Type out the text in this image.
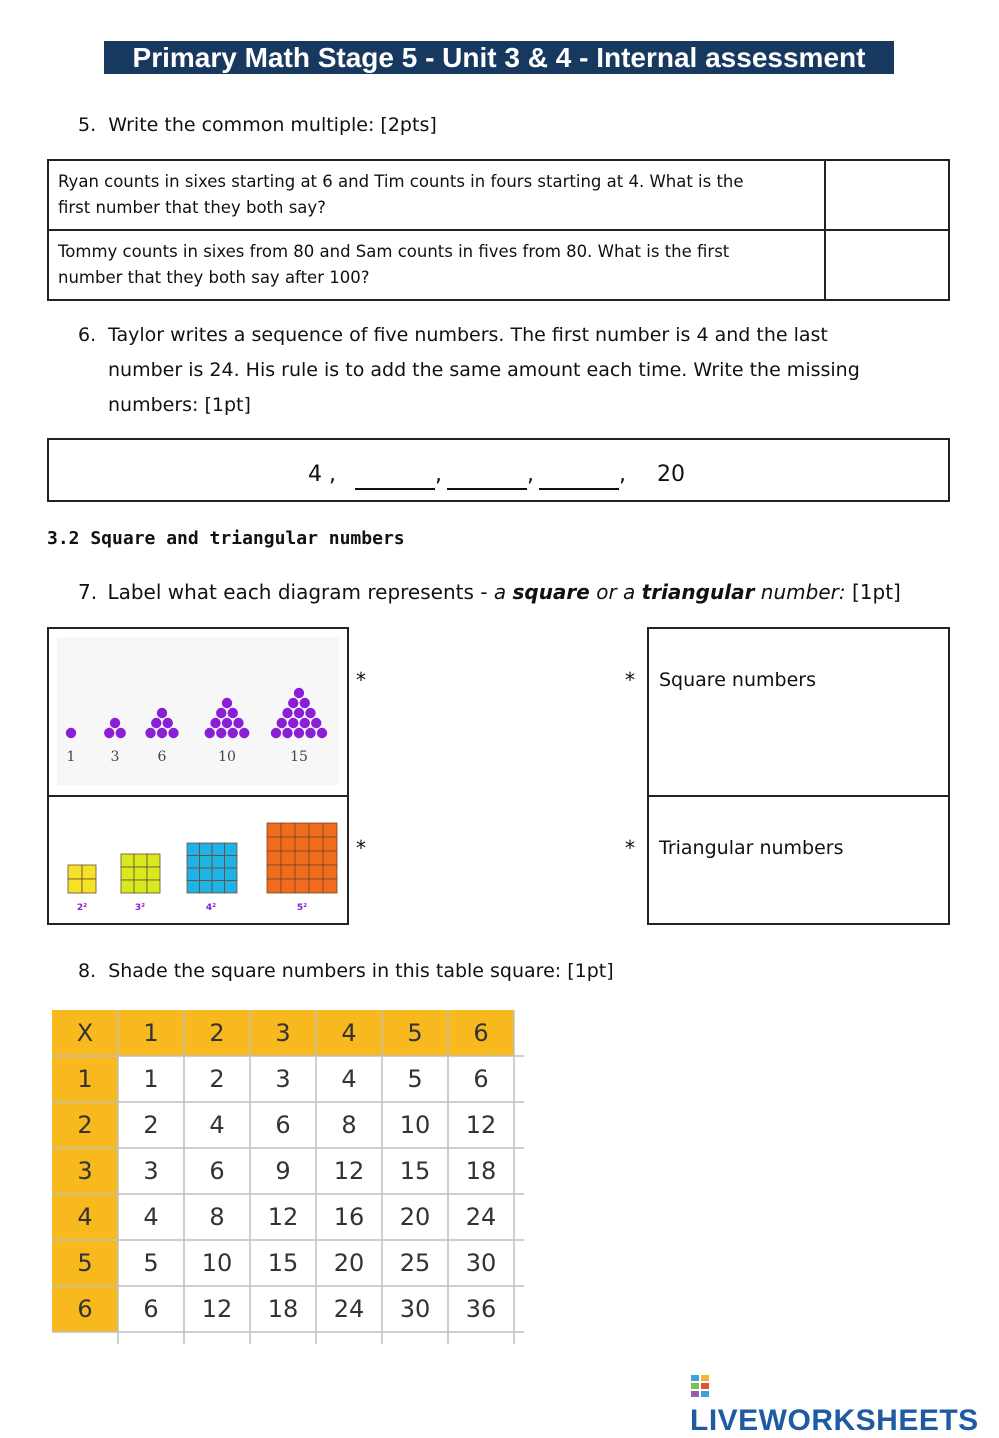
Primary Math Stage 5 - Unit 3 & 4 - Internal assessment
5. Write the common multiple: [2pts]
Ryan counts in sixes starting at 6 and Tim counts in fours starting at 4. What is the
first number that they both say?	

Tommy counts in sixes from 80 and Sam counts in fives from 80. What is the first
number that they both say after 100?	

6. Taylor writes a sequence of five numbers. The first number is 4 and the last
number is 24. His rule is to add the same amount each time. Write the missing
numbers: [1pt]
4 ,	,	,	, 20
3.2 Square and triangular numbers
7. Label what each diagram represents - a square or a triangular number: [1pt]
1	3	6	10	15
2²	3²	4²	5²
*
*
*
*
Square numbers
Triangular numbers
8. Shade the square numbers in this table square: [1pt]
X	1	2	3	4	5	6
1	1	2	3	4	5	6
2	2	4	6	8	10	12
3	3	6	9	12	15	18
4	4	8	12	16	20	24
5	5	10	15	20	25	30
6	6	12	18	24	30	36
LIVEWORKSHEETS
